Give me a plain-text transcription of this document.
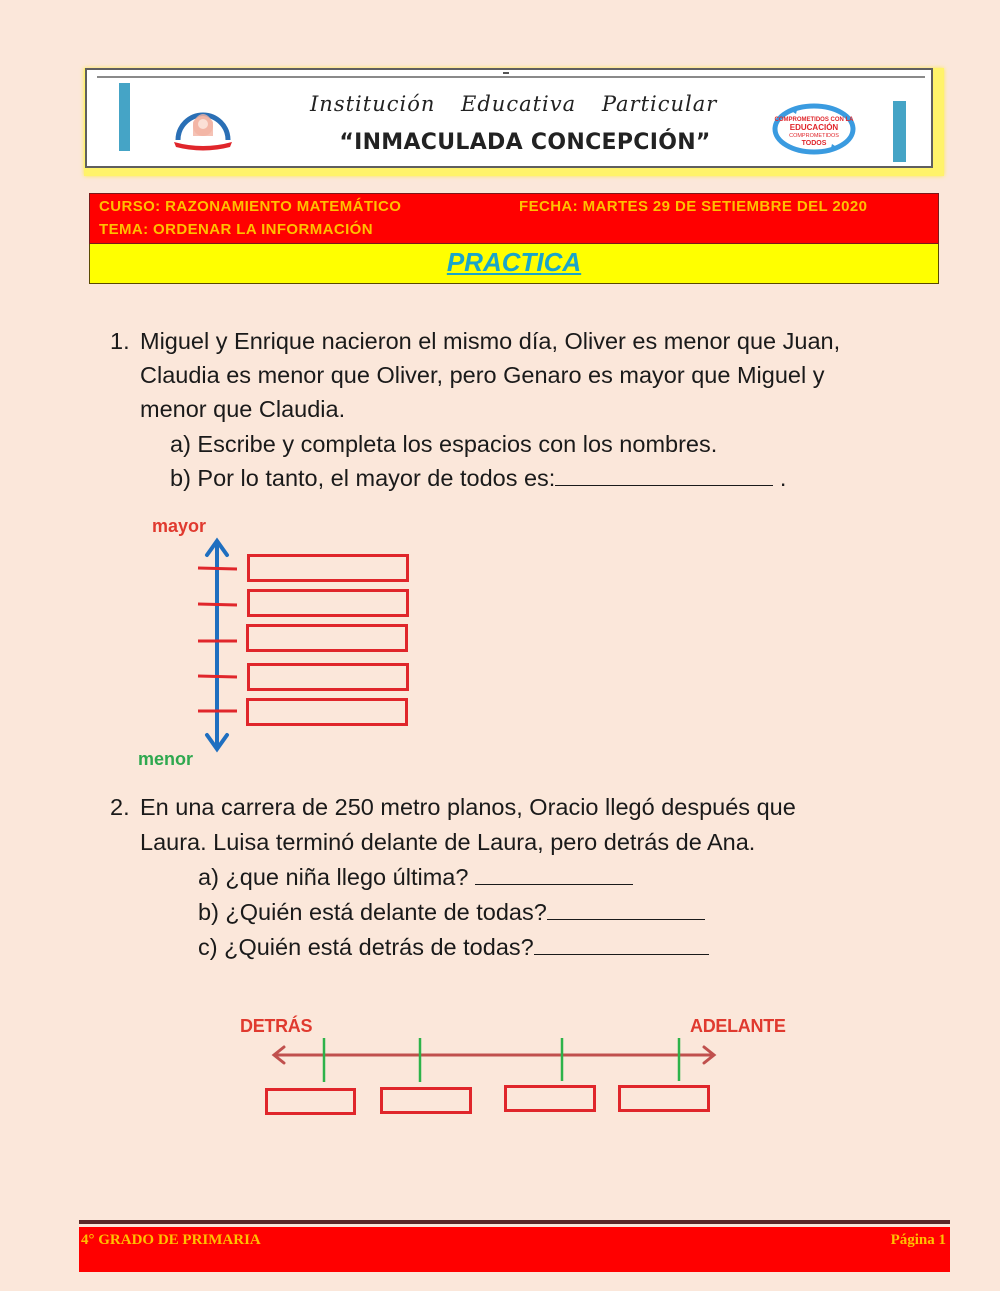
Institución Educativa Particular
“INMACULADA CONCEPCIÓN”
COMPROMETIDOS CON LA
EDUCACIÓN
COMPROMETIDOS
TODOS
CURSO: RAZONAMIENTO MATEMÁTICO	FECHA: MARTES 29 DE SETIEMBRE DEL 2020
TEMA: ORDENAR LA INFORMACIÓN
PRACTICA
1. Miguel y Enrique nacieron el mismo día, Oliver es menor que Juan,
Claudia es menor que Oliver, pero Genaro es mayor que Miguel y
menor que Claudia.
a) Escribe y completa los espacios con los nombres.
b) Por lo tanto, el mayor de todos es:	.
mayor
menor
2. En una carrera de 250 metro planos, Oracio llegó después que
Laura. Luisa terminó delante de Laura, pero detrás de Ana.
a) ¿que niña llego última?
b) ¿Quién está delante de todas?
c) ¿Quién está detrás de todas?
DETRÁS	ADELANTE
4° GRADO DE PRIMARIA	Página 1
